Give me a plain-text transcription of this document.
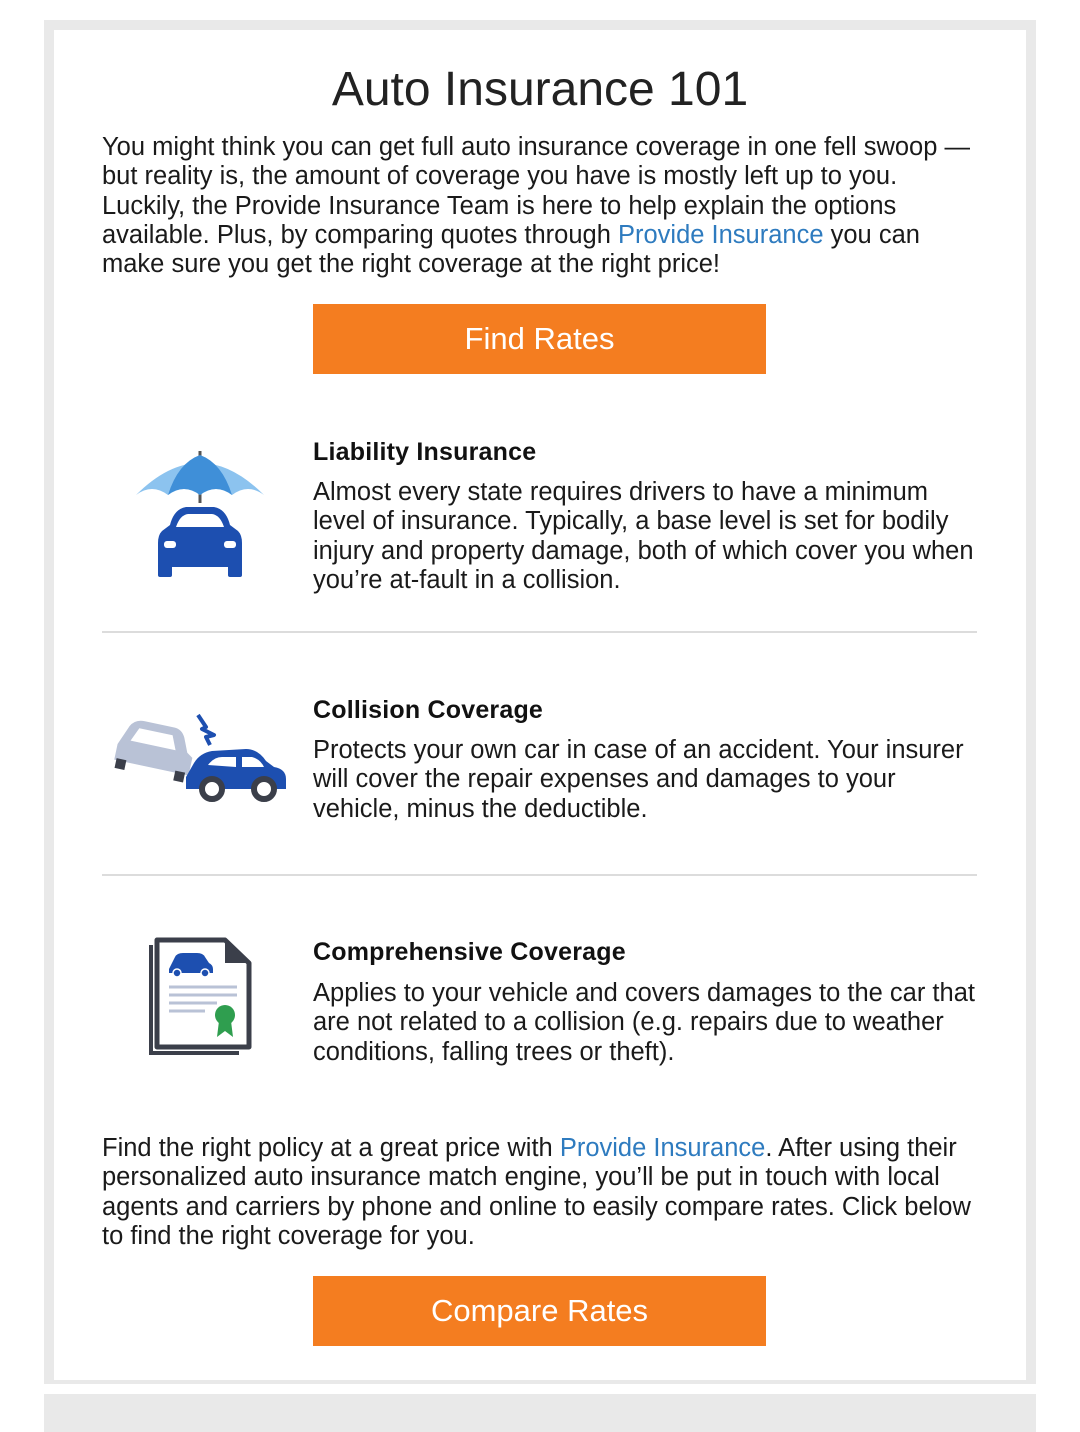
Auto Insurance 101

You might think you can get full auto insurance coverage in one fell swoop — but reality is, the amount of coverage you have is mostly left up to you. Luckily, the Provide Insurance Team is here to help explain the options available. Plus, by comparing quotes through Provide Insurance you can make sure you get the right coverage at the right price!

Find Rates
Liability Insurance

Almost every state requires drivers to have a minimum level of insurance. Typically, a base level is set for bodily injury and property damage, both of which cover you when you’re at-fault in a collision.

Collision Coverage

Protects your own car in case of an accident. Your insurer will cover the repair expenses and damages to your vehicle, minus the deductible.

Comprehensive Coverage

Applies to your vehicle and covers damages to the car that are not related to a collision (e.g. repairs due to weather conditions, falling trees or theft).

Find the right policy at a great price with Provide Insurance. After using their personalized auto insurance match engine, you’ll be put in touch with local agents and carriers by phone and online to easily compare rates. Click below to find the right coverage for you.

Compare Rates
